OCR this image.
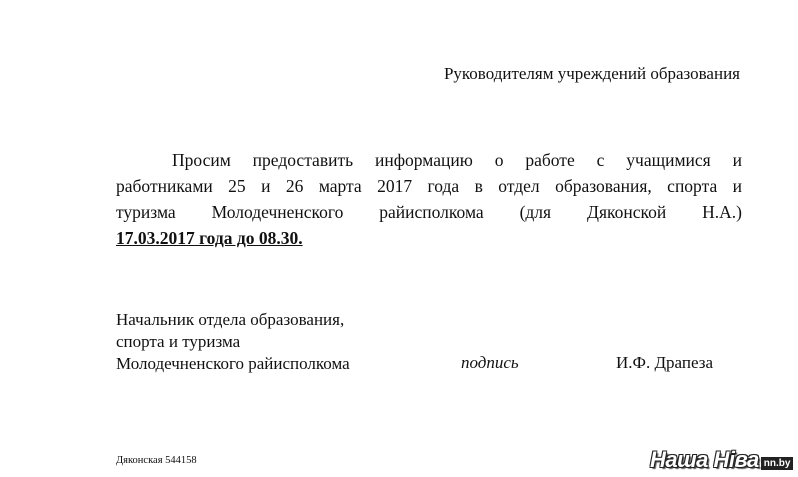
Руководителям учреждений образования
Просим предоставить информацию о работе с учащимися и
работниками 25 и 26 марта 2017 года в отдел образования, спорта и
туризма Молодечненского райисполкома (для Дяконской Н.А.)
17.03.2017 года до 08.30.
Начальник отдела образования,
спорта и туризма
Молодечненского райисполкома	подпись	И.Ф. Драпеза
Дяконская 544158	Наша Ніва nn.by
